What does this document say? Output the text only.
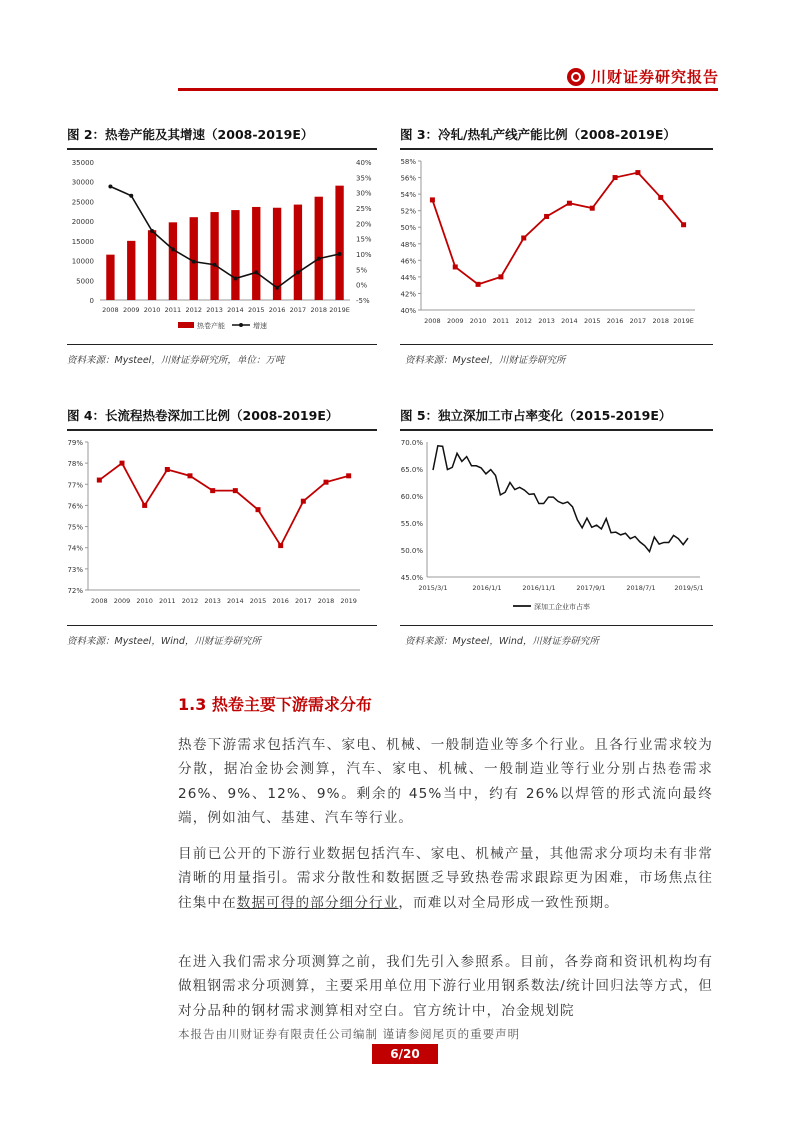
川财证券研究报告
图 2：热卷产能及其增速（2008-2019E）
0
5000
10000
15000
20000
25000
30000
35000
-5%
0%
5%
10%
15%
20%
25%
30%
35%
40%
2008 2009 2010 2011 2012 2013 2014 2015 2016 2017 2018 2019E
热卷产能	增速
资料来源：Mysteel，川财证券研究所，单位：万吨
图 3：冷轧/热轧产线产能比例（2008-2019E）
40%
42%
44%
46%
48%
50%
52%
54%
56%
58%
2008 2009 2010 2011 2012 2013 2014 2015 2016 2017 2018 2019E
资料来源：Mysteel，川财证券研究所
图 4：长流程热卷深加工比例（2008-2019E）
72%
73%
74%
75%
76%
77%
78%
79%
2008 2009 2010 2011 2012 2013 2014 2015 2016 2017 2018 2019
资料来源：Mysteel，Wind，川财证券研究所
图 5：独立深加工市占率变化（2015-2019E）
45.0%
50.0%
55.0%
60.0%
65.0%
70.0%
2015/3/1	2016/1/1	2016/11/1	2017/9/1	2018/7/1	2019/5/1
深加工企业市占率
资料来源：Mysteel，Wind，川财证券研究所
1.3 热卷主要下游需求分布
热卷下游需求包括汽车、家电、机械、一般制造业等多个行业。且各行业需求较为分散，据冶金协会测算，汽车、家电、机械、一般制造业等行业分别占热卷需求 26%、9%、12%、9%。剩余的 45%当中，约有 26%以焊管的形式流向最终端，例如油气、基建、汽车等行业。
目前已公开的下游行业数据包括汽车、家电、机械产量，其他需求分项均未有非常清晰的用量指引。需求分散性和数据匮乏导致热卷需求跟踪更为困难，市场焦点往往集中在数据可得的部分细分行业，而难以对全局形成一致性预期。
在进入我们需求分项测算之前，我们先引入参照系。目前，各券商和资讯机构均有做粗钢需求分项测算，主要采用单位用下游行业用钢系数法/统计回归法等方式，但对分品种的钢材需求测算相对空白。官方统计中，冶金规划院
本报告由川财证券有限责任公司编制 谨请参阅尾页的重要声明
6/20
